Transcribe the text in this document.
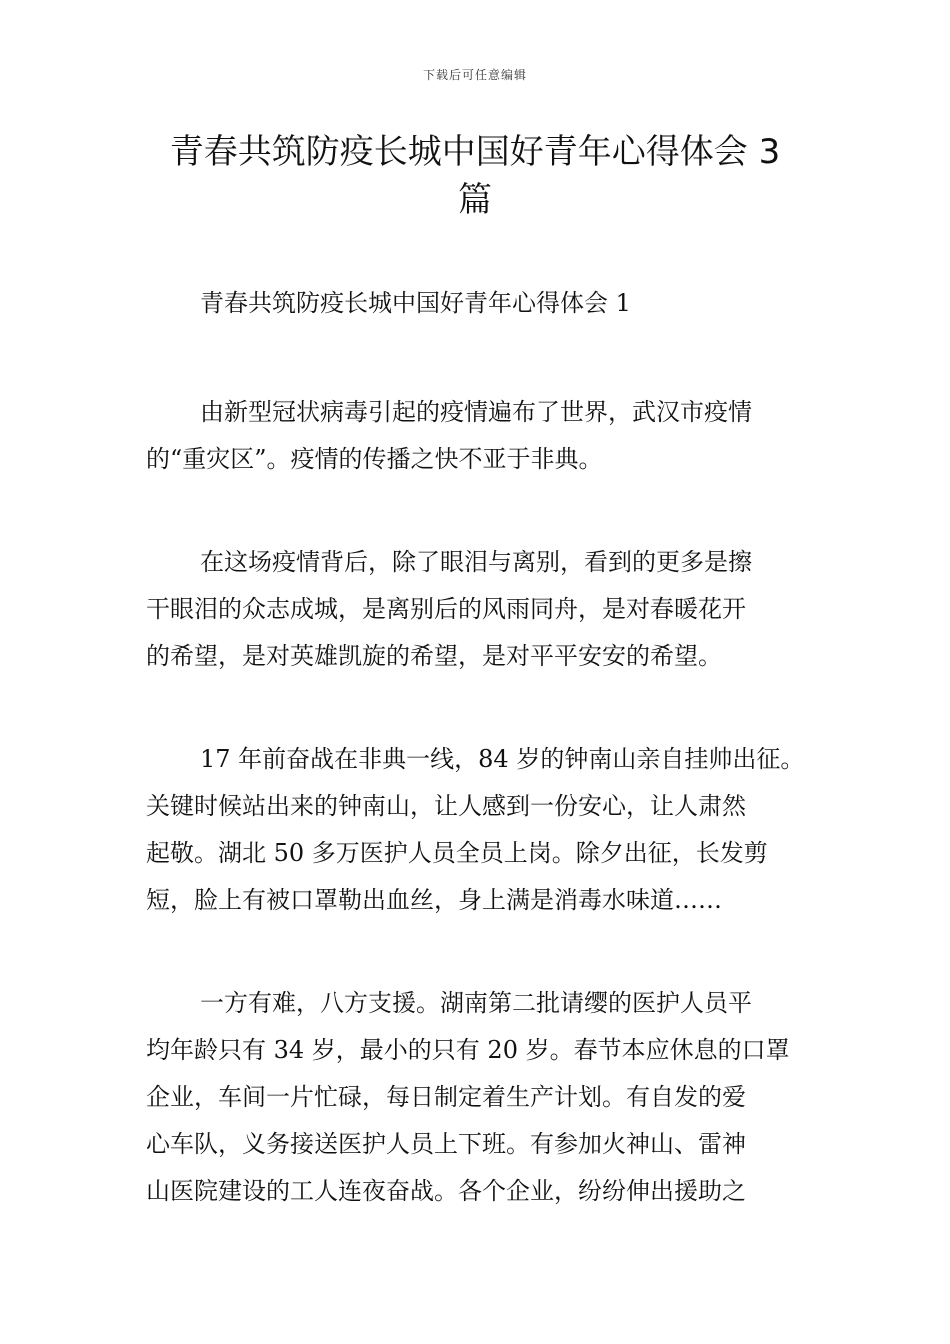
下载后可任意编辑
青春共筑防疫长城中国好青年心得体会 3
篇

青春共筑防疫长城中国好青年心得体会 1

由新型冠状病毒引起的疫情遍布了世界，武汉市疫情
的“重灾区”。疫情的传播之快不亚于非典。

在这场疫情背后，除了眼泪与离别，看到的更多是擦
干眼泪的众志成城，是离别后的风雨同舟，是对春暖花开
的希望，是对英雄凯旋的希望，是对平平安安的希望。

17 年前奋战在非典一线，84 岁的钟南山亲自挂帅出征。
关键时候站出来的钟南山，让人感到一份安心，让人肃然
起敬。湖北 50 多万医护人员全员上岗。除夕出征，长发剪
短，脸上有被口罩勒出血丝，身上满是消毒水味道……

一方有难，八方支援。湖南第二批请缨的医护人员平
均年龄只有 34 岁，最小的只有 20 岁。春节本应休息的口罩
企业，车间一片忙碌，每日制定着生产计划。有自发的爱
心车队，义务接送医护人员上下班。有参加火神山、雷神
山医院建设的工人连夜奋战。各个企业，纷纷伸出援助之
